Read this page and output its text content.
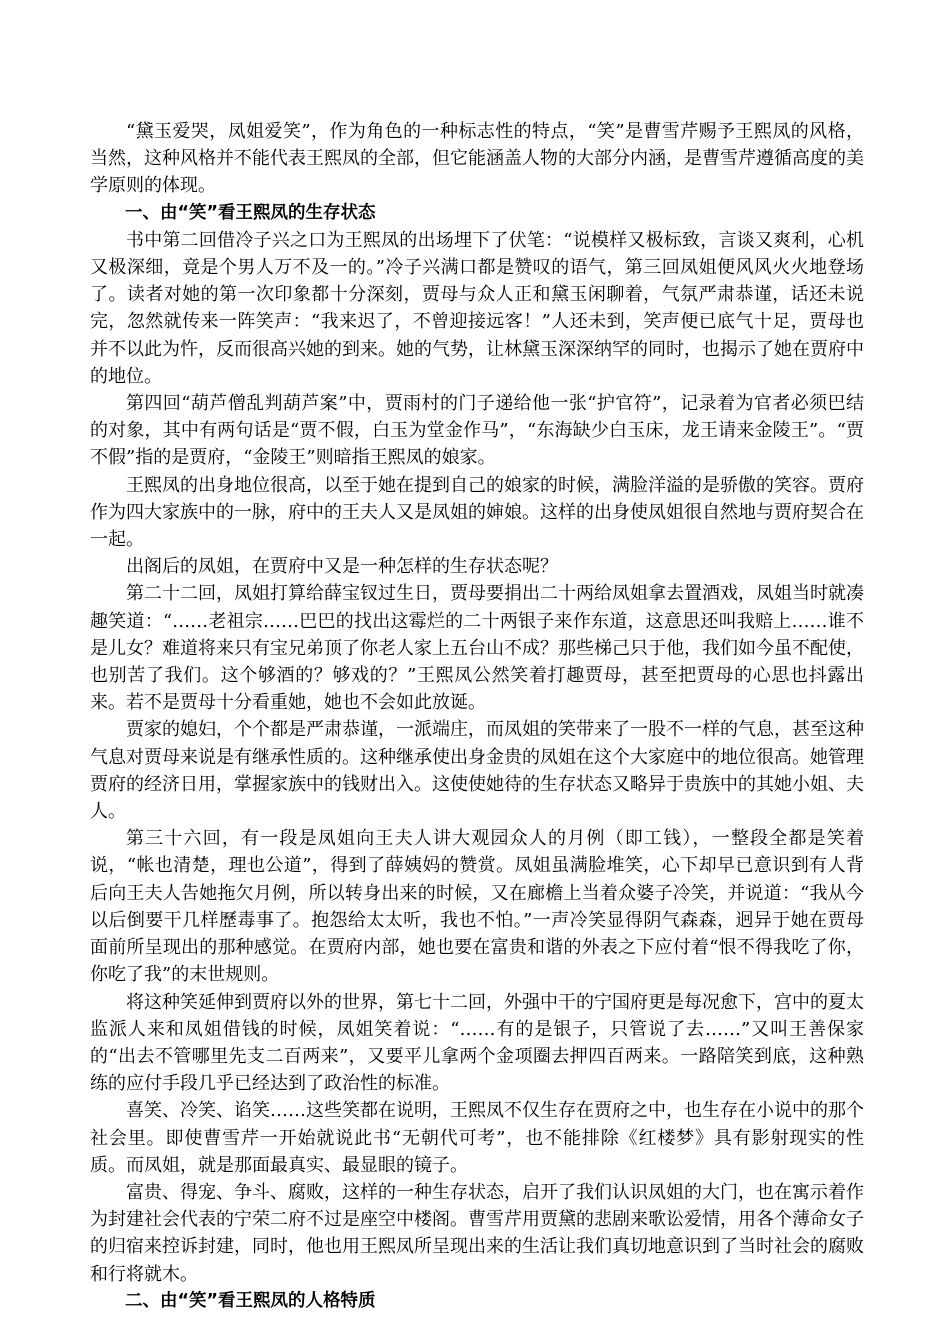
“黛玉爱哭，凤姐爱笑”，作为角色的一种标志性的特点，“笑”是曹雪芹赐予王熙凤的风格，当然，这种风格并不能代表王熙凤的全部，但它能涵盖人物的大部分内涵，是曹雪芹遵循高度的美学原则的体现。

一、由“笑”看王熙凤的生存状态

书中第二回借冷子兴之口为王熙凤的出场埋下了伏笔：“说模样又极标致，言谈又爽利，心机又极深细，竟是个男人万不及一的。”冷子兴满口都是赞叹的语气，第三回凤姐便风风火火地登场了。读者对她的第一次印象都十分深刻，贾母与众人正和黛玉闲聊着，气氛严肃恭谨，话还未说完，忽然就传来一阵笑声：“我来迟了，不曾迎接远客！”人还未到，笑声便已底气十足，贾母也并不以此为忤，反而很高兴她的到来。她的气势，让林黛玉深深纳罕的同时，也揭示了她在贾府中的地位。

第四回“葫芦僧乱判葫芦案”中，贾雨村的门子递给他一张“护官符”，记录着为官者必须巴结的对象，其中有两句话是“贾不假，白玉为堂金作马”，“东海缺少白玉床，龙王请来金陵王”。“贾不假”指的是贾府，“金陵王”则暗指王熙凤的娘家。

王熙凤的出身地位很高，以至于她在提到自己的娘家的时候，满脸洋溢的是骄傲的笑容。贾府作为四大家族中的一脉，府中的王夫人又是凤姐的婶娘。这样的出身使凤姐很自然地与贾府契合在一起。

出阁后的凤姐，在贾府中又是一种怎样的生存状态呢？

第二十二回，凤姐打算给薛宝钗过生日，贾母要捐出二十两给凤姐拿去置酒戏，凤姐当时就凑趣笑道：“……老祖宗……巴巴的找出这霉烂的二十两银子来作东道，这意思还叫我赔上……谁不是儿女？难道将来只有宝兄弟顶了你老人家上五台山不成？那些梯己只于他，我们如今虽不配使，也别苦了我们。这个够酒的？够戏的？”王熙凤公然笑着打趣贾母，甚至把贾母的心思也抖露出来。若不是贾母十分看重她，她也不会如此放诞。

贾家的媳妇，个个都是严肃恭谨，一派端庄，而凤姐的笑带来了一股不一样的气息，甚至这种气息对贾母来说是有继承性质的。这种继承使出身金贵的凤姐在这个大家庭中的地位很高。她管理贾府的经济日用，掌握家族中的钱财出入。这使使她待的生存状态又略异于贵族中的其她小姐、夫人。

第三十六回，有一段是凤姐向王夫人讲大观园众人的月例（即工钱），一整段全都是笑着说，“帐也清楚，理也公道”，得到了薛姨妈的赞赏。凤姐虽满脸堆笑，心下却早已意识到有人背后向王夫人告她拖欠月例，所以转身出来的时候，又在廊檐上当着众婆子冷笑，并说道：“我从今以后倒要干几样歷毒事了。抱怨给太太听，我也不怕。”一声冷笑显得阴气森森，迥异于她在贾母面前所呈现出的那种感觉。在贾府内部，她也要在富贵和谐的外表之下应付着“恨不得我吃了你，你吃了我”的末世规则。

将这种笑延伸到贾府以外的世界，第七十二回，外强中干的宁国府更是每况愈下，宫中的夏太监派人来和凤姐借钱的时候，凤姐笑着说：“……有的是银子，只管说了去……”又叫王善保家的“出去不管哪里先支二百两来”，又要平儿拿两个金项圈去押四百两来。一路陪笑到底，这种熟练的应付手段几乎已经达到了政治性的标准。

喜笑、冷笑、谄笑……这些笑都在说明，王熙凤不仅生存在贾府之中，也生存在小说中的那个社会里。即使曹雪芹一开始就说此书“无朝代可考”，也不能排除《红楼梦》具有影射现实的性质。而凤姐，就是那面最真实、最显眼的镜子。

富贵、得宠、争斗、腐败，这样的一种生存状态，启开了我们认识凤姐的大门，也在寓示着作为封建社会代表的宁荣二府不过是座空中楼阁。曹雪芹用贾黛的悲剧来歌讼爱情，用各个薄命女子的归宿来控诉封建，同时，他也用王熙凤所呈现出来的生活让我们真切地意识到了当时社会的腐败和行将就木。

二、由“笑”看王熙凤的人格特质
